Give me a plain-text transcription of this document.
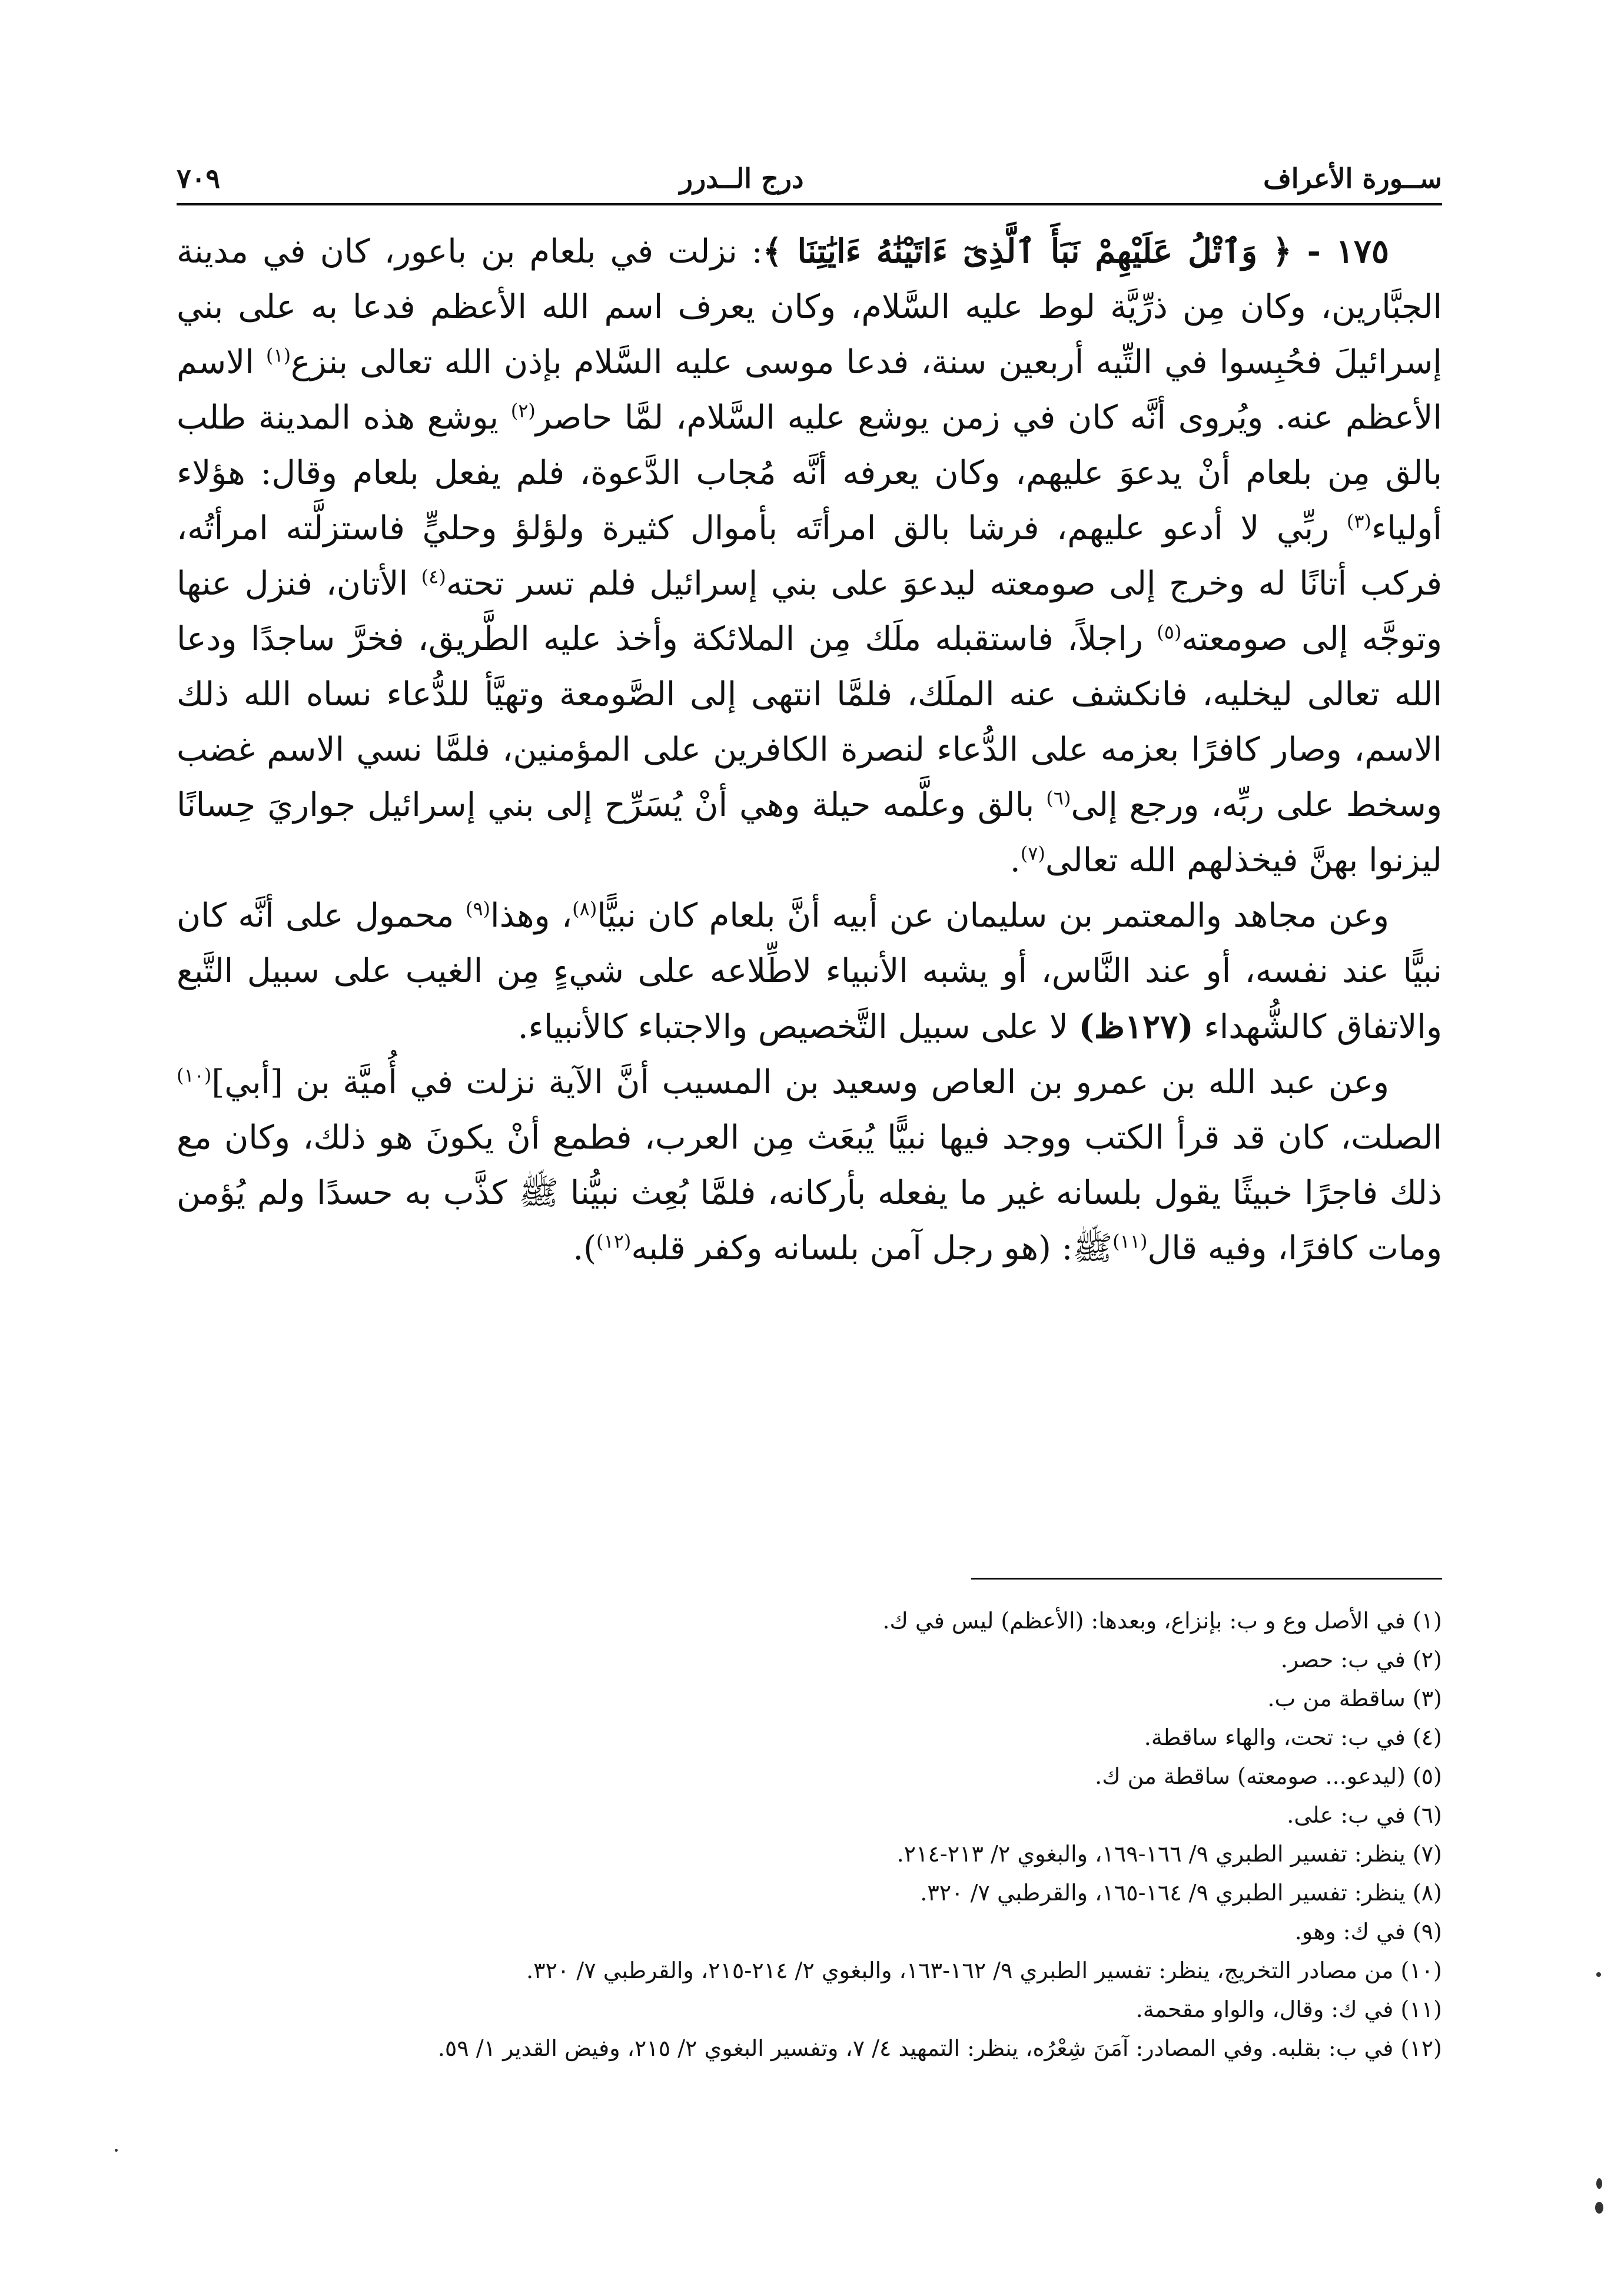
ســورة الأعراف
درج الــدرر
٧٠٩

١٧٥ - ﴿ وَٱتْلُ عَلَيْهِمْ نَبَأَ ٱلَّذِىٓ ءَاتَيْنَٰهُ ءَايَٰتِنَا ﴾: نزلت في بلعام بن باعور، كان في مدينة الجبَّارين، وكان مِن ذرِّيَّة لوط عليه السَّلام، وكان يعرف اسم الله الأعظم فدعا به على بني إسرائيلَ فحُبِسوا في التِّيه أربعين سنة، فدعا موسى عليه السَّلام بإذن الله تعالى بنزع$^{(١)}$ الاسم الأعظم عنه. ويُروى أنَّه كان في زمن يوشع عليه السَّلام، لمَّا حاصر$^{(٢)}$ يوشع هذه المدينة طلب بالق مِن بلعام أنْ يدعوَ عليهم، وكان يعرفه أنَّه مُجاب الدَّعوة، فلم يفعل بلعام وقال: هؤلاء أولياء$^{(٣)}$ ربِّي لا أدعو عليهم، فرشا بالق امرأتَه بأموال كثيرة ولؤلؤ وحليٍّ فاستزلَّته امرأتُه، فركب أتانًا له وخرج إلى صومعته ليدعوَ على بني إسرائيل فلم تسر تحته$^{(٤)}$ الأتان، فنزل عنها وتوجَّه إلى صومعته$^{(٥)}$ راجلاً، فاستقبله ملَك مِن الملائكة وأخذ عليه الطَّريق، فخرَّ ساجدًا ودعا الله تعالى ليخليه، فانكشف عنه الملَك، فلمَّا انتهى إلى الصَّومعة وتهيَّأ للدُّعاء نساه الله ذلك الاسم، وصار كافرًا بعزمه على الدُّعاء لنصرة الكافرين على المؤمنين، فلمَّا نسي الاسم غضب وسخط على ربِّه، ورجع إلى$^{(٦)}$ بالق وعلَّمه حيلة وهي أنْ يُسَرِّح إلى بني إسرائيل جواريَ حِسانًا ليزنوا بهنَّ فيخذلهم الله تعالى$^{(٧)}$.

وعن مجاهد والمعتمر بن سليمان عن أبيه أنَّ بلعام كان نبيًّا$^{(٨)}$، وهذا$^{(٩)}$ محمول على أنَّه كان نبيًّا عند نفسه، أو عند النَّاس، أو يشبه الأنبياء لاطِّلاعه على شيءٍ مِن الغيب على سبيل التَّبع والاتفاق كالشُّهداء (١٢٧ظ) لا على سبيل التَّخصيص والاجتباء كالأنبياء.

وعن عبد الله بن عمرو بن العاص وسعيد بن المسيب أنَّ الآية نزلت في أُميَّة بن [أبي]$^{(١٠)}$ الصلت، كان قد قرأ الكتب ووجد فيها نبيًّا يُبعَث مِن العرب، فطمع أنْ يكونَ هو ذلك، وكان مع ذلك فاجرًا خبيثًا يقول بلسانه غير ما يفعله بأركانه، فلمَّا بُعِث نبيُّنا ﷺ كذَّب به حسدًا ولم يُؤمن ومات كافرًا، وفيه قال$^{(١١)}$ﷺ: (هو رجل آمن بلسانه وكفر قلبه$^{(١٢)}$).

(١) في الأصل وع و ب: بإنزاع، وبعدها: (الأعظم) ليس في ك.

(٢) في ب: حصر.

(٣) ساقطة من ب.

(٤) في ب: تحت، والهاء ساقطة.

(٥) (ليدعو... صومعته) ساقطة من ك.

(٦) في ب: على.

(٧) ينظر: تفسير الطبري ٩/ ١٦٦-١٦٩، والبغوي ٢/ ٢١٣-٢١٤.

(٨) ينظر: تفسير الطبري ٩/ ١٦٤-١٦٥، والقرطبي ٧/ ٣٢٠.

(٩) في ك: وهو.

(١٠) من مصادر التخريج، ينظر: تفسير الطبري ٩/ ١٦٢-١٦٣، والبغوي ٢/ ٢١٤-٢١٥، والقرطبي ٧/ ٣٢٠.

(١١) في ك: وقال، والواو مقحمة.

(١٢) في ب: بقلبه. وفي المصادر: آمَنَ شِعْرُه، ينظر: التمهيد ٤/ ٧، وتفسير البغوي ٢/ ٢١٥، وفيض القدير ١/ ٥٩.
